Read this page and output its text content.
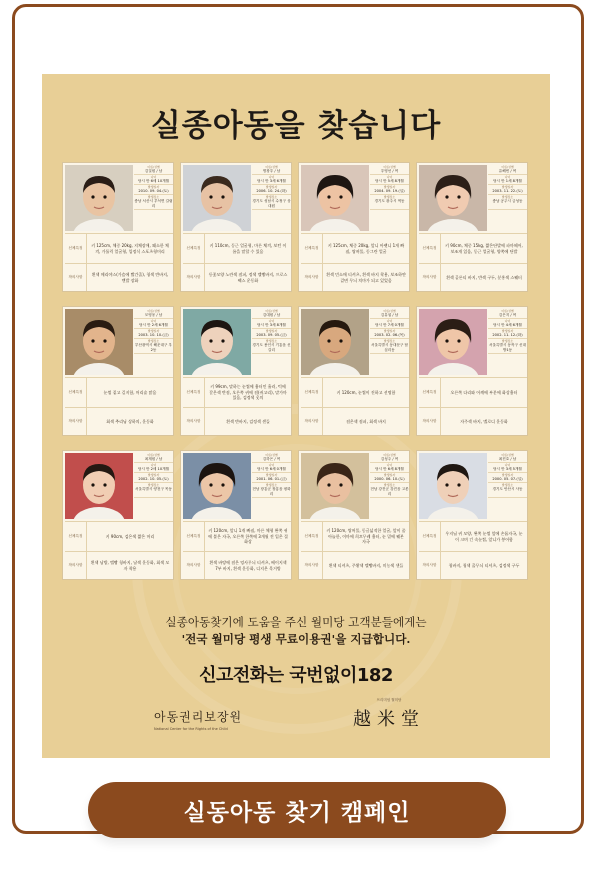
실종아동을 찾습니다
이름/성별
김질원 / 남
나이
당시 만 6세 10개월
발생일자
2010. 09. 04.(토)
발생장소
충남 서산시 부석면 갈림리
신체특징	키 125cm, 체중 20kg, 지체장애, 왜소한 체격, 가톨릭 얼굴형, 입정식 스포츠형머리
착의사항	흰색 메리야스(가슴에 빨간줄), 청색 반바지, 맨발 장화
이름/성별
명창우 / 남
나이
당시 만 3세 6개월
발생일자
2006. 10. 24.(화)
발생장소
경기도 성남시 수정구 상대원
신체특징	키 110cm, 둥근 얼굴형, 마른 체격, 보턴 이름을 말할 수 있음
착의사항	등꽃모양 노란색 점퍼, 정색 멜빵바지, 프로스펙스 운동화
이름/성별
우영선 / 여
나이
당시 만 5세 8개월
발생일자
2004. 09. 19.(일)
발생장소
경기도 광주시 역동
신체특징	키 125cm, 체중 20kg, 앞니 아랫니 1개 빠짐, 쌍꺼풀, 동그란 얼굴
착의사항	흰색 민소매 티셔츠, 흰색 바지 착용, 보조하얀 겉면 무늬 치마가 되고 있었음
이름/성별
유해빈 / 여
나이
당시 만 1세 8개월
발생일자
2003. 11. 22.(토)
발생장소
충남 공주시 금성동
신체특징	키 90cm, 체중 15kg, 짧은단발에 파마헤어, 보조개 있음, 둥근 얼굴형, 양쪽에 단발
착의사항	흰색 골론티 바지, 반색 구두, 분홍색 스웨터
이름/성별
모영웅 / 남
나이
당시 만 2세 6개월
발생일자
2003. 10. 10.(금)
발생장소
부산광역시 해운대구 우2동
신체특징	눈썹 짙고 길지함, 머리숱 많음
착의사항	회색 추리닝 상하의, 운동화
이름/성별
김대원 / 남
나이
당시 만 3세 8개월
발생일자
2003. 09. 05.(금)
발생장소
경기도 용인시 기흥읍 신갈리
신체특징
키 99cm, 말하는 눈썹에 흉터인 흘러, 턱에 갈은색 반점, 오른쪽 귀에 점(귀고리), 말가마 있음, 검정색 옷의
착의사항	흰색 반바지, 검정색 샌들
이름/성별
김유섭 / 남
나이
당시 만 7세 0개월
발생일자
2003. 02. 06.(목)
발생장소
서울특별시 동대문구 답십리동
신체특징	키 120cm, 눈썹이 진하고 선명함
착의사항	점은색 점퍼, 회색 바지
이름/성별
김은지 / 여
나이
당시 만 4세 6개월
발생일자
2002. 11. 12.(화)
발생장소
서울특별시 동작구 신대방1동
신체특징	오른쪽 다리와 어깨에 부분에 화상흉터
착의사항	자주색 바지, 멜로디 운동화
이름/성별
최재원 / 남
나이
당시 만 2세 10개월
발생일자
2002. 10. 05.(토)
발생장소
서울특별시 양천구 목동
신체특징	키 90cm, 검은색 짧은 머리
착의사항	흰색 남방, 멜빵 청바지, 남색 운동화, 회색 모자 착용
이름/성별
김하은 / 여
나이
당시 만 6세 0개월
발생일자
2001. 06. 01.(금)
발생장소
전남 장흥군 장흥읍 평화리
신체특징
키 120cm, 앞니 1개 빠짐, 마른 체형 완쪽 귀에 붙은 자국, 오른쪽 한쪽에 3개월 전 입은 절화상
착의사항	흰색 바탕에 점은 엉사무늬 티셔츠, 베이지색 7부 바지, 흰색 운동화, 디지온 목거방
이름/성별
김성주 / 여
나이
당시 만 6세 8개월
발생일자
2000. 06. 10.(토)
발생장소
전남 강진군 강진읍 고촌리
신체특징
키 120cm, 쌍꺼풀, 동글넓적한 얼굴, 앞이 좀 아늘한, 이마에 희끄무레 흉터, 눈 밑에 웨본 자국
착의사항	흰색 티셔츠, 주황색 멜빵바지, 미농색 샌들
이름/성별
최진호 / 남
나이
당시 만 3세 5개월
발생일자
2000. 05. 07.(일)
발생장소
경기도 안산시 사동
신체특징	우지님 귀 모양, 왼쪽 눈썹 앞에 손톱자국, 눈이 크며 긴 속눈썹, 앞니가 붕어함
착의사항	청바지, 청색 줄무늬 티셔츠, 검정색 구두
실종아동찾기에 도움을 주신 월미당 고객분들에게는
'전국 월미당 평생 무료이용권'을 지급합니다.
신고전화는 국번없이182
아동권리보장원
National Center for the Rights of the Child
프리미엄 월미당
越米堂
실동아동 찾기 캠페인
